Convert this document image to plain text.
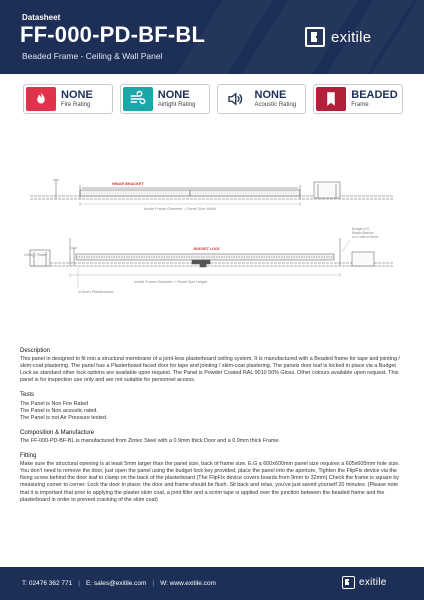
Datasheet
FF-000-PD-BF-BL
Beaded Frame - Ceiling & Wall Panel
exitile
NONE
Fire Rating
NONE
Airtight Rating
NONE
Acoustic Rating
BEADED
Frame
HINGE BRACKET
Inside Frame Diameter = Panel Size Width
BUDGET LOCK
Budget of 8 Beads Bracket on 1 side of frame
Ceiling / Plaster
Inside Frame Diameter = Panel Size Height
125mm Plasterboard
Description

This panel in designed to fit into a structural membrane of a joint-less plasterboard ceiling system. It is manufactured with a Beaded frame for tape and jointing / skim-coat plastering. The panel has a Plasterboard faced door for tape and jointing / skim-coat plastering. The panels door leaf is locked in place via a Budget Lock as standard other lock options are available upon request. The Panel is Powder Coated RAL 9010 50% Gloss. Other colours available upon request. This panel is for inspection use only and are not suitable for personnel access.

Tests

The Panel is Non Fire Rated

The Panel is Non acoustic rated.

The Panel is not Air Pressure tested.

Composition & Manufacture

The FF-000-PD-BF-BL is manufactured from Zintec Steel with a 0.9mm thick Door and a 0.9mm thick Frame.

Fitting

Make sure the structural opening is at least 5mm larger than the panel size, back of frame size. E.G a 600x600mm panel size requires a 605x605mm hole size. You don't need to remove the door, just open the panel using the budget lock key provided, place the panel into the aperture, Tighten the FlipFix device via the fixing screw behind the door leaf to clamp on the back of the plasterboard (The FlipFix device covers boards from 9mm to 32mm) Check the frame is square by measuring corner to corner. Lock the door in place; the door and frame should be flush. Sit back and relax, you've just saved yourself 20 minutes. (Please note that it is important that prior to applying the plaster skim coat, a joint filler and a scrim tape is applied over the junction between the beaded frame and the plasterboard in order to prevent cracking of the skim coat)

T: 02476 362 771 | E: sales@exitile.com | W: www.exitile.com	exitile
